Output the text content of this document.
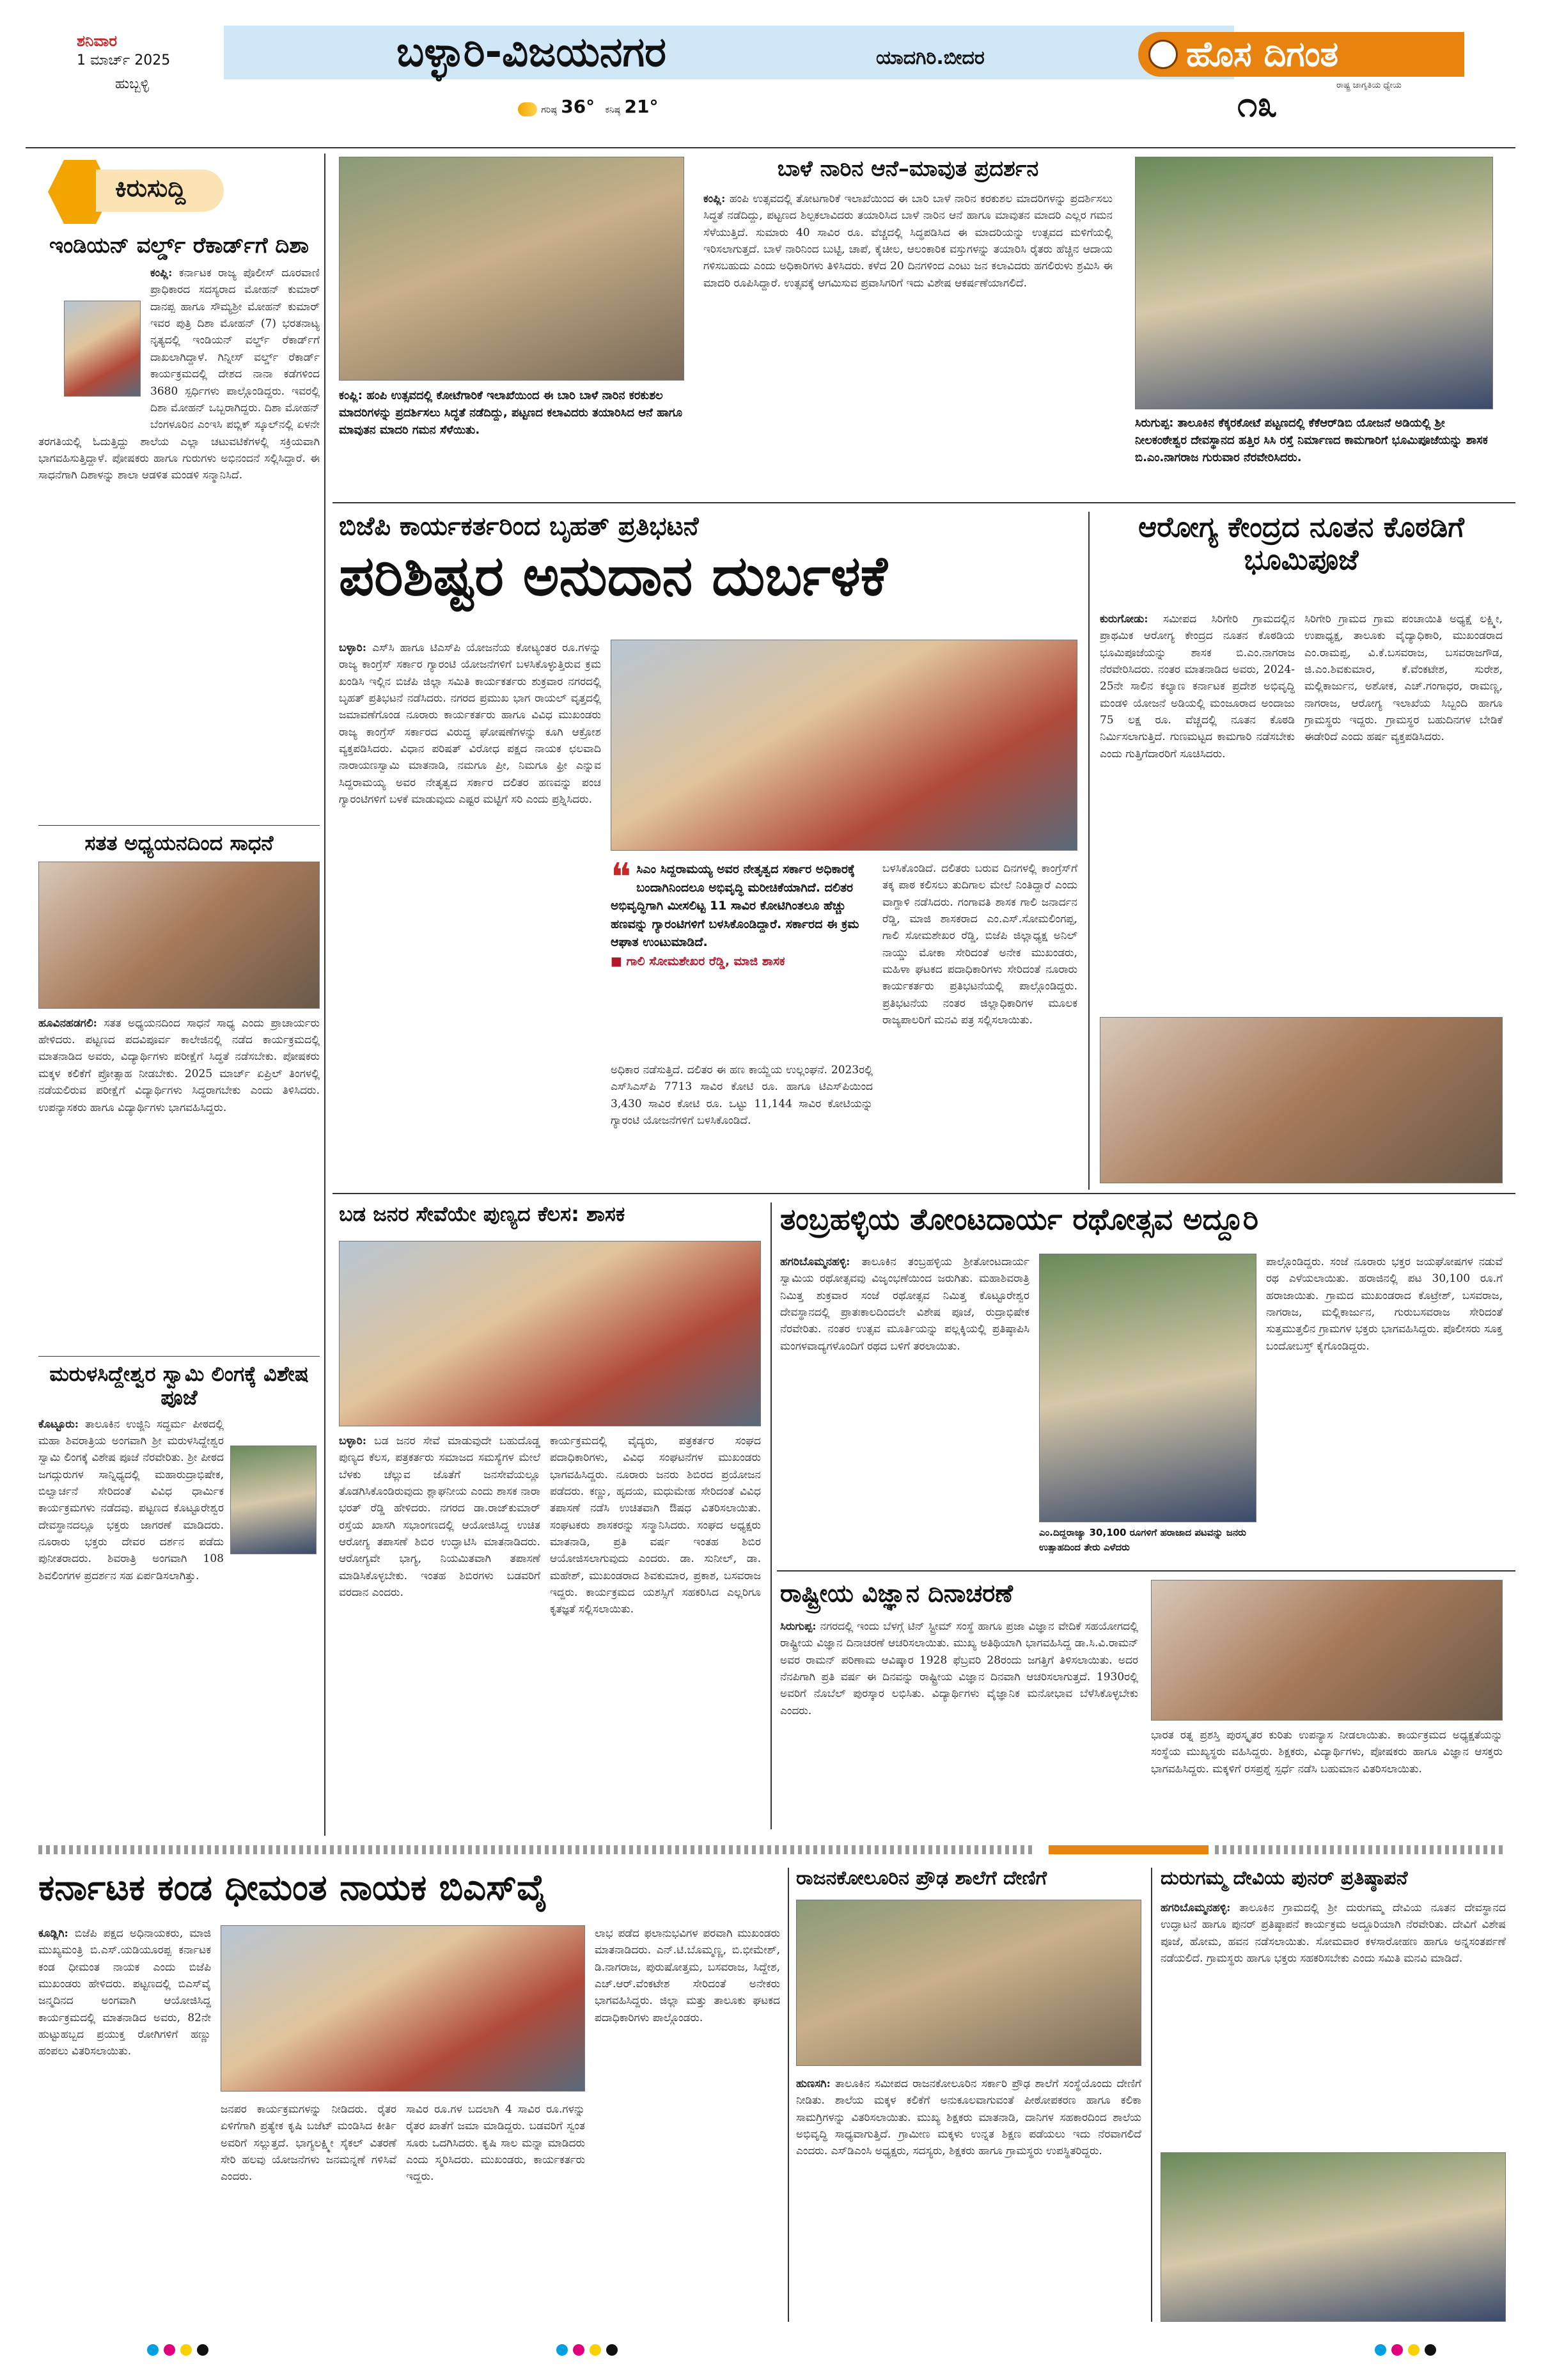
ಶನಿವಾರ
1 ಮಾರ್ಚ್ 2025
ಹುಬ್ಬಳ್ಳಿ
ಬಳ್ಳಾರಿ-ವಿಜಯನಗರ	ಯಾದಗಿರಿ.ಬೀದರ
ಗರಿಷ್ಠ 36° ಕನಿಷ್ಠ 21°
ಹೊಸ ದಿಗಂತ
ರಾಷ್ಟ್ರ ಜಾಗೃತಿಯ ಧ್ಯೇಯ
೧೩
ಕಿರುಸುದ್ದಿ
ಇಂಡಿಯನ್ ವರ್ಲ್ಡ್ ರೆಕಾರ್ಡ್‌ಗೆ ದಿಶಾ
ಕಂಪ್ಲಿ: ಕರ್ನಾಟಕ ರಾಜ್ಯ ಪೊಲೀಸ್ ದೂರವಾಣಿ ಪ್ರಾಧಿಕಾರದ ಸದಸ್ಯರಾದ ಮೋಹನ್ ಕುಮಾರ್ ದಾನಪ್ಪ ಹಾಗೂ ಸೌಮ್ಯಶ್ರೀ ಮೋಹನ್ ಕುಮಾರ್ ಇವರ ಪುತ್ರಿ ದಿಶಾ ಮೋಹನ್ (7) ಭರತನಾಟ್ಯ ನೃತ್ಯದಲ್ಲಿ ಇಂಡಿಯನ್ ವರ್ಲ್ಡ್ ರೆಕಾರ್ಡ್‌ಗೆ ದಾಖಲಾಗಿದ್ದಾಳೆ. ಗಿನ್ನೀಸ್ ವರ್ಲ್ಡ್ ರೆಕಾರ್ಡ್ ಕಾರ್ಯಕ್ರಮದಲ್ಲಿ ದೇಶದ ನಾನಾ ಕಡೆಗಳಿಂದ 3680 ಸ್ಪರ್ಧಿಗಳು ಪಾಲ್ಗೊಂಡಿದ್ದರು. ಇವರಲ್ಲಿ ದಿಶಾ ಮೋಹನ್ ಒಬ್ಬರಾಗಿದ್ದರು. ದಿಶಾ ಮೋಹನ್ ಬೆಂಗಳೂರಿನ ಎಂಇಸಿ ಪಬ್ಲಿಕ್ ಸ್ಕೂಲ್‌ನಲ್ಲಿ ಏಳನೇ ತರಗತಿಯಲ್ಲಿ ಓದುತ್ತಿದ್ದು ಶಾಲೆಯ ಎಲ್ಲಾ ಚಟುವಟಿಕೆಗಳಲ್ಲಿ ಸಕ್ರಿಯವಾಗಿ ಭಾಗವಹಿಸುತ್ತಿದ್ದಾಳೆ. ಪೋಷಕರು ಹಾಗೂ ಗುರುಗಳು ಅಭಿನಂದನೆ ಸಲ್ಲಿಸಿದ್ದಾರೆ. ಈ ಸಾಧನೆಗಾಗಿ ದಿಶಾಳನ್ನು ಶಾಲಾ ಆಡಳಿತ ಮಂಡಳಿ ಸನ್ಮಾನಿಸಿದೆ.
ಸತತ ಅಧ್ಯಯನದಿಂದ ಸಾಧನೆ
ಹೂವಿನಹಡಗಲಿ: ಸತತ ಅಧ್ಯಯನದಿಂದ ಸಾಧನೆ ಸಾಧ್ಯ ಎಂದು ಪ್ರಾಚಾರ್ಯರು ಹೇಳಿದರು. ಪಟ್ಟಣದ ಪದವಿಪೂರ್ವ ಕಾಲೇಜಿನಲ್ಲಿ ನಡೆದ ಕಾರ್ಯಕ್ರಮದಲ್ಲಿ ಮಾತನಾಡಿದ ಅವರು, ವಿದ್ಯಾರ್ಥಿಗಳು ಪರೀಕ್ಷೆಗೆ ಸಿದ್ಧತೆ ನಡೆಸಬೇಕು. ಪೋಷಕರು ಮಕ್ಕಳ ಕಲಿಕೆಗೆ ಪ್ರೋತ್ಸಾಹ ನೀಡಬೇಕು. 2025 ಮಾರ್ಚ್ ಏಪ್ರಿಲ್ ತಿಂಗಳಲ್ಲಿ ನಡೆಯಲಿರುವ ಪರೀಕ್ಷೆಗೆ ವಿದ್ಯಾರ್ಥಿಗಳು ಸಿದ್ಧರಾಗಬೇಕು ಎಂದು ತಿಳಿಸಿದರು. ಉಪನ್ಯಾಸಕರು ಹಾಗೂ ವಿದ್ಯಾರ್ಥಿಗಳು ಭಾಗವಹಿಸಿದ್ದರು.
ಮರುಳಸಿದ್ದೇಶ್ವರ ಸ್ವಾಮಿ ಲಿಂಗಕ್ಕೆ ವಿಶೇಷ ಪೂಜೆ
ಕೊಟ್ಟೂರು: ತಾಲೂಕಿನ ಉಜ್ಜಿನಿ ಸದ್ಧರ್ಮ ಪೀಠದಲ್ಲಿ ಮಹಾ ಶಿವರಾತ್ರಿಯ ಅಂಗವಾಗಿ ಶ್ರೀ ಮರುಳಸಿದ್ದೇಶ್ವರ ಸ್ವಾಮಿ ಲಿಂಗಕ್ಕೆ ವಿಶೇಷ ಪೂಜೆ ನೆರವೇರಿತು. ಶ್ರೀ ಪೀಠದ ಜಗದ್ಗುರುಗಳ ಸಾನ್ನಿಧ್ಯದಲ್ಲಿ ಮಹಾರುದ್ರಾಭಿಷೇಕ, ಬಿಲ್ವಾರ್ಚನೆ ಸೇರಿದಂತೆ ವಿವಿಧ ಧಾರ್ಮಿಕ ಕಾರ್ಯಕ್ರಮಗಳು ನಡೆದವು. ಪಟ್ಟಣದ ಕೊಟ್ಟೂರೇಶ್ವರ ದೇವಸ್ಥಾನದಲ್ಲೂ ಭಕ್ತರು ಜಾಗರಣೆ ಮಾಡಿದರು. ನೂರಾರು ಭಕ್ತರು ದೇವರ ದರ್ಶನ ಪಡೆದು ಪುನೀತರಾದರು. ಶಿವರಾತ್ರಿ ಅಂಗವಾಗಿ 108 ಶಿವಲಿಂಗಗಳ ಪ್ರದರ್ಶನ ಸಹ ಏರ್ಪಡಿಸಲಾಗಿತ್ತು.
ಕಂಪ್ಲಿ: ಹಂಪಿ ಉತ್ಸವದಲ್ಲಿ ಕೋಟೆಗಾರಿಕೆ ಇಲಾಖೆಯಿಂದ ಈ ಬಾರಿ ಬಾಳೆ ನಾರಿನ ಕರಕುಶಲ ಮಾದರಿಗಳನ್ನು ಪ್ರದರ್ಶಿಸಲು ಸಿದ್ಧತೆ ನಡೆದಿದ್ದು, ಪಟ್ಟಣದ ಕಲಾವಿದರು ತಯಾರಿಸಿದ ಆನೆ ಹಾಗೂ ಮಾವುತನ ಮಾದರಿ ಗಮನ ಸೆಳೆಯಿತು.
ಬಾಳೆ ನಾರಿನ ಆನೆ–ಮಾವುತ ಪ್ರದರ್ಶನ
ಕಂಪ್ಲಿ: ಹಂಪಿ ಉತ್ಸವದಲ್ಲಿ ತೋಟಗಾರಿಕೆ ಇಲಾಖೆಯಿಂದ ಈ ಬಾರಿ ಬಾಳೆ ನಾರಿನ ಕರಕುಶಲ ಮಾದರಿಗಳನ್ನು ಪ್ರದರ್ಶಿಸಲು ಸಿದ್ಧತೆ ನಡೆದಿದ್ದು, ಪಟ್ಟಣದ ಶಿಲ್ಪಕಲಾವಿದರು ತಯಾರಿಸಿದ ಬಾಳೆ ನಾರಿನ ಆನೆ ಹಾಗೂ ಮಾವುತನ ಮಾದರಿ ಎಲ್ಲರ ಗಮನ ಸೆಳೆಯುತ್ತಿದೆ. ಸುಮಾರು 40 ಸಾವಿರ ರೂ. ವೆಚ್ಚದಲ್ಲಿ ಸಿದ್ಧಪಡಿಸಿದ ಈ ಮಾದರಿಯನ್ನು ಉತ್ಸವದ ಮಳಿಗೆಯಲ್ಲಿ ಇರಿಸಲಾಗುತ್ತದೆ. ಬಾಳೆ ನಾರಿನಿಂದ ಬುಟ್ಟಿ, ಚಾಪೆ, ಕೈಚೀಲ, ಆಲಂಕಾರಿಕ ವಸ್ತುಗಳನ್ನು ತಯಾರಿಸಿ ರೈತರು ಹೆಚ್ಚಿನ ಆದಾಯ ಗಳಿಸಬಹುದು ಎಂದು ಅಧಿಕಾರಿಗಳು ತಿಳಿಸಿದರು. ಕಳೆದ 20 ದಿನಗಳಿಂದ ಎಂಟು ಜನ ಕಲಾವಿದರು ಹಗಲಿರುಳು ಶ್ರಮಿಸಿ ಈ ಮಾದರಿ ರೂಪಿಸಿದ್ದಾರೆ. ಉತ್ಸವಕ್ಕೆ ಆಗಮಿಸುವ ಪ್ರವಾಸಿಗರಿಗೆ ಇದು ವಿಶೇಷ ಆಕರ್ಷಣೆಯಾಗಲಿದೆ.
ಸಿರುಗುಪ್ಪ: ತಾಲೂಕಿನ ಕೆಕ್ಕರಕೋಟೆ ಪಟ್ಟಣದಲ್ಲಿ ಕೆಕೆಆರ್‌ಡಿಬಿ ಯೋಜನೆ ಅಡಿಯಲ್ಲಿ ಶ್ರೀ ನೀಲಕಂಠೇಶ್ವರ ದೇವಸ್ಥಾನದ ಹತ್ತಿರ ಸಿಸಿ ರಸ್ತೆ ನಿರ್ಮಾಣದ ಕಾಮಗಾರಿಗೆ ಭೂಮಿಪೂಜೆಯನ್ನು ಶಾಸಕ ಬಿ.ಎಂ.ನಾಗರಾಜ ಗುರುವಾರ ನೆರವೇರಿಸಿದರು.
ಬಿಜೆಪಿ ಕಾರ್ಯಕರ್ತರಿಂದ ಬೃಹತ್ ಪ್ರತಿಭಟನೆ
ಪರಿಶಿಷ್ಟರ ಅನುದಾನ ದುರ್ಬಳಕೆ
ಬಳ್ಳಾರಿ: ಎಸ್‌ಸಿ ಹಾಗೂ ಟಿಎಸ್‌ಪಿ ಯೋಜನೆಯ ಕೋಟ್ಯಂತರ ರೂ.ಗಳನ್ನು ರಾಜ್ಯ ಕಾಂಗ್ರೆಸ್ ಸರ್ಕಾರ ಗ್ಯಾರಂಟಿ ಯೋಜನೆಗಳಿಗೆ ಬಳಸಿಕೊಳ್ಳುತ್ತಿರುವ ಕ್ರಮ ಖಂಡಿಸಿ ಇಲ್ಲಿನ ಬಿಜೆಪಿ ಜಿಲ್ಲಾ ಸಮಿತಿ ಕಾರ್ಯಕರ್ತರು ಶುಕ್ರವಾರ ನಗರದಲ್ಲಿ ಬೃಹತ್ ಪ್ರತಿಭಟನೆ ನಡೆಸಿದರು. ನಗರದ ಪ್ರಮುಖ ಭಾಗ ರಾಯಲ್ ವೃತ್ತದಲ್ಲಿ ಜಮಾವಣೆಗೊಂಡ ನೂರಾರು ಕಾರ್ಯಕರ್ತರು ಹಾಗೂ ವಿವಿಧ ಮುಖಂಡರು ರಾಜ್ಯ ಕಾಂಗ್ರೆಸ್ ಸರ್ಕಾರದ ವಿರುದ್ಧ ಘೋಷಣೆಗಳನ್ನು ಕೂಗಿ ಆಕ್ರೋಶ ವ್ಯಕ್ತಪಡಿಸಿದರು. ವಿಧಾನ ಪರಿಷತ್ ವಿರೋಧ ಪಕ್ಷದ ನಾಯಕ ಛಲವಾದಿ ನಾರಾಯಣಸ್ವಾಮಿ ಮಾತನಾಡಿ, ನಮಗೂ ಪ್ರೀ, ನಿಮಗೂ ಫ್ರೀ ಎನ್ನುವ ಸಿದ್ದರಾಮಯ್ಯ ಅವರ ನೇತೃತ್ವದ ಸರ್ಕಾರ ದಲಿತರ ಹಣವನ್ನು ಪಂಚ ಗ್ಯಾರಂಟಿಗಳಿಗೆ ಬಳಕೆ ಮಾಡುವುದು ಎಷ್ಟರ ಮಟ್ಟಿಗೆ ಸರಿ ಎಂದು ಪ್ರಶ್ನಿಸಿದರು.
❝ ಸಿಎಂ ಸಿದ್ದರಾಮಯ್ಯ ಅವರ ನೇತೃತ್ವದ ಸರ್ಕಾರ ಅಧಿಕಾರಕ್ಕೆ ಬಂದಾಗಿನಿಂದಲೂ ಅಭಿವೃದ್ಧಿ ಮರೀಚಿಕೆಯಾಗಿದೆ. ದಲಿತರ ಅಭಿವೃದ್ಧಿಗಾಗಿ ಮೀಸಲಿಟ್ಟ 11 ಸಾವಿರ ಕೋಟಿಗಿಂತಲೂ ಹೆಚ್ಚು ಹಣವನ್ನು ಗ್ಯಾರಂಟಿಗಳಿಗೆ ಬಳಸಿಕೊಂಡಿದ್ದಾರೆ. ಸರ್ಕಾರದ ಈ ಕ್ರಮ ಆಘಾತ ಉಂಟುಮಾಡಿದೆ.
■ ಗಾಲಿ ಸೋಮಶೇಖರ ರೆಡ್ಡಿ, ಮಾಜಿ ಶಾಸಕ
ಅಧಿಕಾರ ನಡೆಸುತ್ತಿದೆ. ದಲಿತರ ಈ ಹಣ ಕಾಯ್ದೆಯ ಉಲ್ಲಂಘನೆ. 2023ರಲ್ಲಿ ಎಸ್‌ಸಿಎಸ್‌ಪಿ 7713 ಸಾವಿರ ಕೋಟಿ ರೂ. ಹಾಗೂ ಟಿಎಸ್‌ಪಿಯಿಂದ 3,430 ಸಾವಿರ ಕೋಟಿ ರೂ. ಒಟ್ಟು 11,144 ಸಾವಿರ ಕೋಟಿಯನ್ನು ಗ್ಯಾರಂಟಿ ಯೋಜನೆಗಳಿಗೆ ಬಳಸಿಕೊಂಡಿದೆ.
ಬಳಸಿಕೊಂಡಿದೆ. ದಲಿತರು ಬರುವ ದಿನಗಳಲ್ಲಿ ಕಾಂಗ್ರೆಸ್‌ಗೆ ತಕ್ಕ ಪಾಠ ಕಲಿಸಲು ತುದಿಗಾಲ ಮೇಲೆ ನಿಂತಿದ್ದಾರೆ ಎಂದು ವಾಗ್ದಾಳಿ ನಡೆಸಿದರು. ಗಂಗಾವತಿ ಶಾಸಕ ಗಾಲಿ ಜನಾರ್ದನ ರೆಡ್ಡಿ, ಮಾಜಿ ಶಾಸಕರಾದ ಎಂ.ಎಸ್.ಸೋಮಲಿಂಗಪ್ಪ, ಗಾಲಿ ಸೋಮಶೇಖರ ರೆಡ್ಡಿ, ಬಿಜೆಪಿ ಜಿಲ್ಲಾಧ್ಯಕ್ಷ ಅನಿಲ್ ನಾಯ್ಡು ಮೋಕಾ ಸೇರಿದಂತೆ ಅನೇಕ ಮುಖಂಡರು, ಮಹಿಳಾ ಘಟಕದ ಪದಾಧಿಕಾರಿಗಳು ಸೇರಿದಂತೆ ನೂರಾರು ಕಾರ್ಯಕರ್ತರು ಪ್ರತಿಭಟನೆಯಲ್ಲಿ ಪಾಲ್ಗೊಂಡಿದ್ದರು. ಪ್ರತಿಭಟನೆಯ ನಂತರ ಜಿಲ್ಲಾಧಿಕಾರಿಗಳ ಮೂಲಕ ರಾಜ್ಯಪಾಲರಿಗೆ ಮನವಿ ಪತ್ರ ಸಲ್ಲಿಸಲಾಯಿತು.
ಆರೋಗ್ಯ ಕೇಂದ್ರದ ನೂತನ ಕೊಠಡಿಗೆ ಭೂಮಿಪೂಜೆ
ಕುರುಗೋಡು: ಸಮೀಪದ ಸಿರಿಗೇರಿ ಗ್ರಾಮದಲ್ಲಿನ ಪ್ರಾಥಮಿಕ ಆರೋಗ್ಯ ಕೇಂದ್ರದ ನೂತನ ಕೊಠಡಿಯ ಭೂಮಿಪೂಜೆಯನ್ನು ಶಾಸಕ ಬಿ.ಎಂ.ನಾಗರಾಜ ನೆರವೇರಿಸಿದರು. ನಂತರ ಮಾತನಾಡಿದ ಅವರು, 2024-25ನೇ ಸಾಲಿನ ಕಲ್ಯಾಣ ಕರ್ನಾಟಕ ಪ್ರದೇಶ ಅಭಿವೃದ್ಧಿ ಮಂಡಳಿ ಯೋಜನೆ ಅಡಿಯಲ್ಲಿ ಮಂಜೂರಾದ ಅಂದಾಜು 75 ಲಕ್ಷ ರೂ. ವೆಚ್ಚದಲ್ಲಿ ನೂತನ ಕೊಠಡಿ ನಿರ್ಮಿಸಲಾಗುತ್ತಿದೆ. ಗುಣಮಟ್ಟದ ಕಾಮಗಾರಿ ನಡೆಸಬೇಕು ಎಂದು ಗುತ್ತಿಗೆದಾರರಿಗೆ ಸೂಚಿಸಿದರು.
ಸಿರಿಗೇರಿ ಗ್ರಾಮದ ಗ್ರಾಮ ಪಂಚಾಯಿತಿ ಅಧ್ಯಕ್ಷೆ ಲಕ್ಷ್ಮೀ, ಉಪಾಧ್ಯಕ್ಷ, ತಾಲೂಕು ವೈದ್ಯಾಧಿಕಾರಿ, ಮುಖಂಡರಾದ ಎಂ.ರಾಮಪ್ಪ, ವಿ.ಕೆ.ಬಸವರಾಜ, ಬಸವರಾಜಗೌಡ, ಜಿ.ಎಂ.ಶಿವಕುಮಾರ, ಕೆ.ವೆಂಕಟೇಶ, ಸುರೇಶ, ಮಲ್ಲಿಕಾರ್ಜುನ, ಅಶೋಕ, ಎಚ್.ಗಂಗಾಧರ, ರಾಮಣ್ಣ, ನಾಗರಾಜ, ಆರೋಗ್ಯ ಇಲಾಖೆಯ ಸಿಬ್ಬಂದಿ ಹಾಗೂ ಗ್ರಾಮಸ್ಥರು ಇದ್ದರು. ಗ್ರಾಮಸ್ಥರ ಬಹುದಿನಗಳ ಬೇಡಿಕೆ ಈಡೇರಿದೆ ಎಂದು ಹರ್ಷ ವ್ಯಕ್ತಪಡಿಸಿದರು.
ಬಡ ಜನರ ಸೇವೆಯೇ ಪುಣ್ಯದ ಕೆಲಸ: ಶಾಸಕ
ಬಳ್ಳಾರಿ: ಬಡ ಜನರ ಸೇವೆ ಮಾಡುವುದೇ ಬಹುದೊಡ್ಡ ಪುಣ್ಯದ ಕೆಲಸ, ಪತ್ರಕರ್ತರು ಸಮಾಜದ ಸಮಸ್ಯೆಗಳ ಮೇಲೆ ಬೆಳಕು ಚೆಲ್ಲುವ ಜೊತೆಗೆ ಜನಸೇವೆಯಲ್ಲೂ ತೊಡಗಿಸಿಕೊಂಡಿರುವುದು ಶ್ಲಾಘನೀಯ ಎಂದು ಶಾಸಕ ನಾರಾ ಭರತ್ ರೆಡ್ಡಿ ಹೇಳಿದರು. ನಗರದ ಡಾ.ರಾಜ್‌ಕುಮಾರ್ ರಸ್ತೆಯ ಖಾಸಗಿ ಸಭಾಂಗಣದಲ್ಲಿ ಆಯೋಜಿಸಿದ್ದ ಉಚಿತ ಆರೋಗ್ಯ ತಪಾಸಣೆ ಶಿಬಿರ ಉದ್ಘಾಟಿಸಿ ಮಾತನಾಡಿದರು. ಆರೋಗ್ಯವೇ ಭಾಗ್ಯ, ನಿಯಮಿತವಾಗಿ ತಪಾಸಣೆ ಮಾಡಿಸಿಕೊಳ್ಳಬೇಕು. ಇಂತಹ ಶಿಬಿರಗಳು ಬಡವರಿಗೆ ವರದಾನ ಎಂದರು.
ಕಾರ್ಯಕ್ರಮದಲ್ಲಿ ವೈದ್ಯರು, ಪತ್ರಕರ್ತರ ಸಂಘದ ಪದಾಧಿಕಾರಿಗಳು, ವಿವಿಧ ಸಂಘಟನೆಗಳ ಮುಖಂಡರು ಭಾಗವಹಿಸಿದ್ದರು. ನೂರಾರು ಜನರು ಶಿಬಿರದ ಪ್ರಯೋಜನ ಪಡೆದರು. ಕಣ್ಣು, ಹೃದಯ, ಮಧುಮೇಹ ಸೇರಿದಂತೆ ವಿವಿಧ ತಪಾಸಣೆ ನಡೆಸಿ ಉಚಿತವಾಗಿ ಔಷಧ ವಿತರಿಸಲಾಯಿತು. ಸಂಘಟಕರು ಶಾಸಕರನ್ನು ಸನ್ಮಾನಿಸಿದರು. ಸಂಘದ ಅಧ್ಯಕ್ಷರು ಮಾತನಾಡಿ, ಪ್ರತಿ ವರ್ಷ ಇಂತಹ ಶಿಬಿರ ಆಯೋಜಿಸಲಾಗುವುದು ಎಂದರು. ಡಾ. ಸುನೀಲ್, ಡಾ. ಮಹೇಶ್, ಮುಖಂಡರಾದ ಶಿವಕುಮಾರ, ಪ್ರಕಾಶ, ಬಸವರಾಜ ಇದ್ದರು. ಕಾರ್ಯಕ್ರಮದ ಯಶಸ್ಸಿಗೆ ಸಹಕರಿಸಿದ ಎಲ್ಲರಿಗೂ ಕೃತಜ್ಞತೆ ಸಲ್ಲಿಸಲಾಯಿತು.
ತಂಬ್ರಹಳ್ಳಿಯ ತೋಂಟದಾರ್ಯ ರಥೋತ್ಸವ ಅದ್ದೂರಿ
ಹಗರಿಬೊಮ್ಮನಹಳ್ಳಿ: ತಾಲೂಕಿನ ತಂಬ್ರಹಳ್ಳಿಯ ಶ್ರೀತೋಂಟದಾರ್ಯ ಸ್ವಾಮಿಯ ರಥೋತ್ಸವವು ವಿಜೃಂಭಣೆಯಿಂದ ಜರುಗಿತು. ಮಹಾಶಿವರಾತ್ರಿ ನಿಮಿತ್ತ ಶುಕ್ರವಾರ ಸಂಜೆ ರಥೋತ್ಸವ ನಿಮಿತ್ತ ಕೊಟ್ಟೂರೇಶ್ವರ ದೇವಸ್ಥಾನದಲ್ಲಿ ಪ್ರಾತಃಕಾಲದಿಂದಲೇ ವಿಶೇಷ ಪೂಜೆ, ರುದ್ರಾಭಿಷೇಕ ನೆರವೇರಿತು. ನಂತರ ಉತ್ಸವ ಮೂರ್ತಿಯನ್ನು ಪಲ್ಲಕ್ಕಿಯಲ್ಲಿ ಪ್ರತಿಷ್ಠಾಪಿಸಿ ಮಂಗಳವಾದ್ಯಗಳೊಂದಿಗೆ ರಥದ ಬಳಿಗೆ ತರಲಾಯಿತು.
ಎಂ.ದಿದ್ದರಾಜ್ಯಾ 30,100 ರೂಗಳಿಗೆ ಹರಾಜಾದ ಪಟವನ್ನು ಜನರು ಉತ್ಸಾಹದಿಂದ ತೇರು ಎಳೆದರು
ಪಾಲ್ಗೊಂಡಿದ್ದರು. ಸಂಜೆ ನೂರಾರು ಭಕ್ತರ ಜಯಘೋಷಗಳ ನಡುವೆ ರಥ ಎಳೆಯಲಾಯಿತು. ಹರಾಜಿನಲ್ಲಿ ಪಟ 30,100 ರೂ.ಗೆ ಹರಾಜಾಯಿತು. ಗ್ರಾಮದ ಮುಖಂಡರಾದ ಕೊಟ್ರೇಶ್, ಬಸವರಾಜ, ನಾಗರಾಜ, ಮಲ್ಲಿಕಾರ್ಜುನ, ಗುರುಬಸವರಾಜ ಸೇರಿದಂತೆ ಸುತ್ತಮುತ್ತಲಿನ ಗ್ರಾಮಗಳ ಭಕ್ತರು ಭಾಗವಹಿಸಿದ್ದರು. ಪೊಲೀಸರು ಸೂಕ್ತ ಬಂದೋಬಸ್ತ್ ಕೈಗೊಂಡಿದ್ದರು.
ರಾಷ್ಟ್ರೀಯ ವಿಜ್ಞಾನ ದಿನಾಚರಣೆ
ಸಿರುಗುಪ್ಪ: ನಗರದಲ್ಲಿ ಇಂದು ಬೆಳಗ್ಗೆ ಟಿನ್ ಸ್ಟ್ರೀಮ್ ಸಂಸ್ಥೆ ಹಾಗೂ ಪ್ರಜಾ ವಿಜ್ಞಾನ ವೇದಿಕೆ ಸಹಯೋಗದಲ್ಲಿ ರಾಷ್ಟ್ರೀಯ ವಿಜ್ಞಾನ ದಿನಾಚರಣೆ ಆಚರಿಸಲಾಯಿತು. ಮುಖ್ಯ ಅತಿಥಿಯಾಗಿ ಭಾಗವಹಿಸಿದ್ದ ಡಾ.ಸಿ.ವಿ.ರಾಮನ್ ಅವರ ರಾಮನ್ ಪರಿಣಾಮ ಆವಿಷ್ಕಾರ 1928 ಫೆಬ್ರವರಿ 28ರಂದು ಜಗತ್ತಿಗೆ ತಿಳಿಸಲಾಯಿತು. ಅದರ ನೆನಪಿಗಾಗಿ ಪ್ರತಿ ವರ್ಷ ಈ ದಿನವನ್ನು ರಾಷ್ಟ್ರೀಯ ವಿಜ್ಞಾನ ದಿನವಾಗಿ ಆಚರಿಸಲಾಗುತ್ತದೆ. 1930ರಲ್ಲಿ ಅವರಿಗೆ ನೊಬೆಲ್ ಪುರಸ್ಕಾರ ಲಭಿಸಿತು. ವಿದ್ಯಾರ್ಥಿಗಳು ವೈಜ್ಞಾನಿಕ ಮನೋಭಾವ ಬೆಳೆಸಿಕೊಳ್ಳಬೇಕು ಎಂದರು.
ಭಾರತ ರತ್ನ ಪ್ರಶಸ್ತಿ ಪುರಸ್ಕೃತರ ಕುರಿತು ಉಪನ್ಯಾಸ ನೀಡಲಾಯಿತು. ಕಾರ್ಯಕ್ರಮದ ಅಧ್ಯಕ್ಷತೆಯನ್ನು ಸಂಸ್ಥೆಯ ಮುಖ್ಯಸ್ಥರು ವಹಿಸಿದ್ದರು. ಶಿಕ್ಷಕರು, ವಿದ್ಯಾರ್ಥಿಗಳು, ಪೋಷಕರು ಹಾಗೂ ವಿಜ್ಞಾನ ಆಸಕ್ತರು ಭಾಗವಹಿಸಿದ್ದರು. ಮಕ್ಕಳಿಗೆ ರಸಪ್ರಶ್ನೆ ಸ್ಪರ್ಧೆ ನಡೆಸಿ ಬಹುಮಾನ ವಿತರಿಸಲಾಯಿತು.
ಕರ್ನಾಟಕ ಕಂಡ ಧೀಮಂತ ನಾಯಕ ಬಿಎಸ್‌ವೈ
ಕೂಡ್ಲಿಗಿ: ಬಿಜೆಪಿ ಪಕ್ಷದ ಅಧಿನಾಯಕರು, ಮಾಜಿ ಮುಖ್ಯಮಂತ್ರಿ ಬಿ.ಎಸ್.ಯಡಿಯೂರಪ್ಪ ಕರ್ನಾಟಕ ಕಂಡ ಧೀಮಂತ ನಾಯಕ ಎಂದು ಬಿಜೆಪಿ ಮುಖಂಡರು ಹೇಳಿದರು. ಪಟ್ಟಣದಲ್ಲಿ ಬಿಎಸ್‌ವೈ ಜನ್ಮದಿನದ ಅಂಗವಾಗಿ ಆಯೋಜಿಸಿದ್ದ ಕಾರ್ಯಕ್ರಮದಲ್ಲಿ ಮಾತನಾಡಿದ ಅವರು, 82ನೇ ಹುಟ್ಟುಹಬ್ಬದ ಪ್ರಯುಕ್ತ ರೋಗಿಗಳಿಗೆ ಹಣ್ಣು ಹಂಪಲು ವಿತರಿಸಲಾಯಿತು.
ಜನಪರ ಕಾರ್ಯಕ್ರಮಗಳನ್ನು ನೀಡಿದರು. ರೈತರ ಏಳಿಗೆಗಾಗಿ ಪ್ರತ್ಯೇಕ ಕೃಷಿ ಬಜೆಟ್ ಮಂಡಿಸಿದ ಕೀರ್ತಿ ಅವರಿಗೆ ಸಲ್ಲುತ್ತದೆ. ಭಾಗ್ಯಲಕ್ಷ್ಮೀ ಸೈಕಲ್ ವಿತರಣೆ ಸೇರಿ ಹಲವು ಯೋಜನೆಗಳು ಜನಮನ್ನಣೆ ಗಳಿಸಿವೆ ಎಂದರು.
ಸಾವಿರ ರೂ.ಗಳ ಬದಲಾಗಿ 4 ಸಾವಿರ ರೂ.ಗಳನ್ನು ರೈತರ ಖಾತೆಗೆ ಜಮಾ ಮಾಡಿದ್ದರು. ಬಡವರಿಗೆ ಸ್ವಂತ ಸೂರು ಒದಗಿಸಿದರು. ಕೃಷಿ ಸಾಲ ಮನ್ನಾ ಮಾಡಿದರು ಎಂದು ಸ್ಮರಿಸಿದರು. ಮುಖಂಡರು, ಕಾರ್ಯಕರ್ತರು ಇದ್ದರು.
ಲಾಭ ಪಡೆದ ಫಲಾನುಭವಿಗಳ ಪರವಾಗಿ ಮುಖಂಡರು ಮಾತನಾಡಿದರು. ಎನ್.ಟಿ.ಬೊಮ್ಮಣ್ಣ, ಬಿ.ಭೀಮೇಶ್, ಡಿ.ನಾಗರಾಜ, ಪುರುಷೋತ್ತಮ, ಬಸವರಾಜ, ಸಿದ್ದೇಶ, ಎಚ್.ಆರ್.ವೆಂಕಟೇಶ ಸೇರಿದಂತೆ ಅನೇಕರು ಭಾಗವಹಿಸಿದ್ದರು. ಜಿಲ್ಲಾ ಮತ್ತು ತಾಲೂಕು ಘಟಕದ ಪದಾಧಿಕಾರಿಗಳು ಪಾಲ್ಗೊಂಡರು.
ರಾಜನಕೋಲೂರಿನ ಪ್ರೌಢ ಶಾಲೆಗೆ ದೇಣಿಗೆ
ಹುಣಸಗಿ: ತಾಲೂಕಿನ ಸಮೀಪದ ರಾಜನಕೋಲೂರಿನ ಸರ್ಕಾರಿ ಪ್ರೌಢ ಶಾಲೆಗೆ ಸಂಸ್ಥೆಯೊಂದು ದೇಣಿಗೆ ನೀಡಿತು. ಶಾಲೆಯ ಮಕ್ಕಳ ಕಲಿಕೆಗೆ ಅನುಕೂಲವಾಗುವಂತೆ ಪೀಠೋಪಕರಣ ಹಾಗೂ ಕಲಿಕಾ ಸಾಮಗ್ರಿಗಳನ್ನು ವಿತರಿಸಲಾಯಿತು. ಮುಖ್ಯ ಶಿಕ್ಷಕರು ಮಾತನಾಡಿ, ದಾನಿಗಳ ಸಹಕಾರದಿಂದ ಶಾಲೆಯ ಅಭಿವೃದ್ಧಿ ಸಾಧ್ಯವಾಗುತ್ತಿದೆ. ಗ್ರಾಮೀಣ ಮಕ್ಕಳು ಉನ್ನತ ಶಿಕ್ಷಣ ಪಡೆಯಲು ಇದು ನೆರವಾಗಲಿದೆ ಎಂದರು. ಎಸ್‌ಡಿಎಂಸಿ ಅಧ್ಯಕ್ಷರು, ಸದಸ್ಯರು, ಶಿಕ್ಷಕರು ಹಾಗೂ ಗ್ರಾಮಸ್ಥರು ಉಪಸ್ಥಿತರಿದ್ದರು.
ದುರುಗಮ್ಮ ದೇವಿಯ ಪುನರ್ ಪ್ರತಿಷ್ಠಾಪನೆ
ಹಗರಿಬೊಮ್ಮನಹಳ್ಳಿ: ತಾಲೂಕಿನ ಗ್ರಾಮದಲ್ಲಿ ಶ್ರೀ ದುರುಗಮ್ಮ ದೇವಿಯ ನೂತನ ದೇವಸ್ಥಾನದ ಉದ್ಘಾಟನೆ ಹಾಗೂ ಪುನರ್ ಪ್ರತಿಷ್ಠಾಪನೆ ಕಾರ್ಯಕ್ರಮ ಅದ್ದೂರಿಯಾಗಿ ನೆರವೇರಿತು. ದೇವಿಗೆ ವಿಶೇಷ ಪೂಜೆ, ಹೋಮ, ಹವನ ನಡೆಸಲಾಯಿತು. ಸೋಮವಾರ ಕಳಸಾರೋಹಣ ಹಾಗೂ ಅನ್ನಸಂತರ್ಪಣೆ ನಡೆಯಲಿದೆ. ಗ್ರಾಮಸ್ಥರು ಹಾಗೂ ಭಕ್ತರು ಸಹಕರಿಸಬೇಕು ಎಂದು ಸಮಿತಿ ಮನವಿ ಮಾಡಿದೆ.
